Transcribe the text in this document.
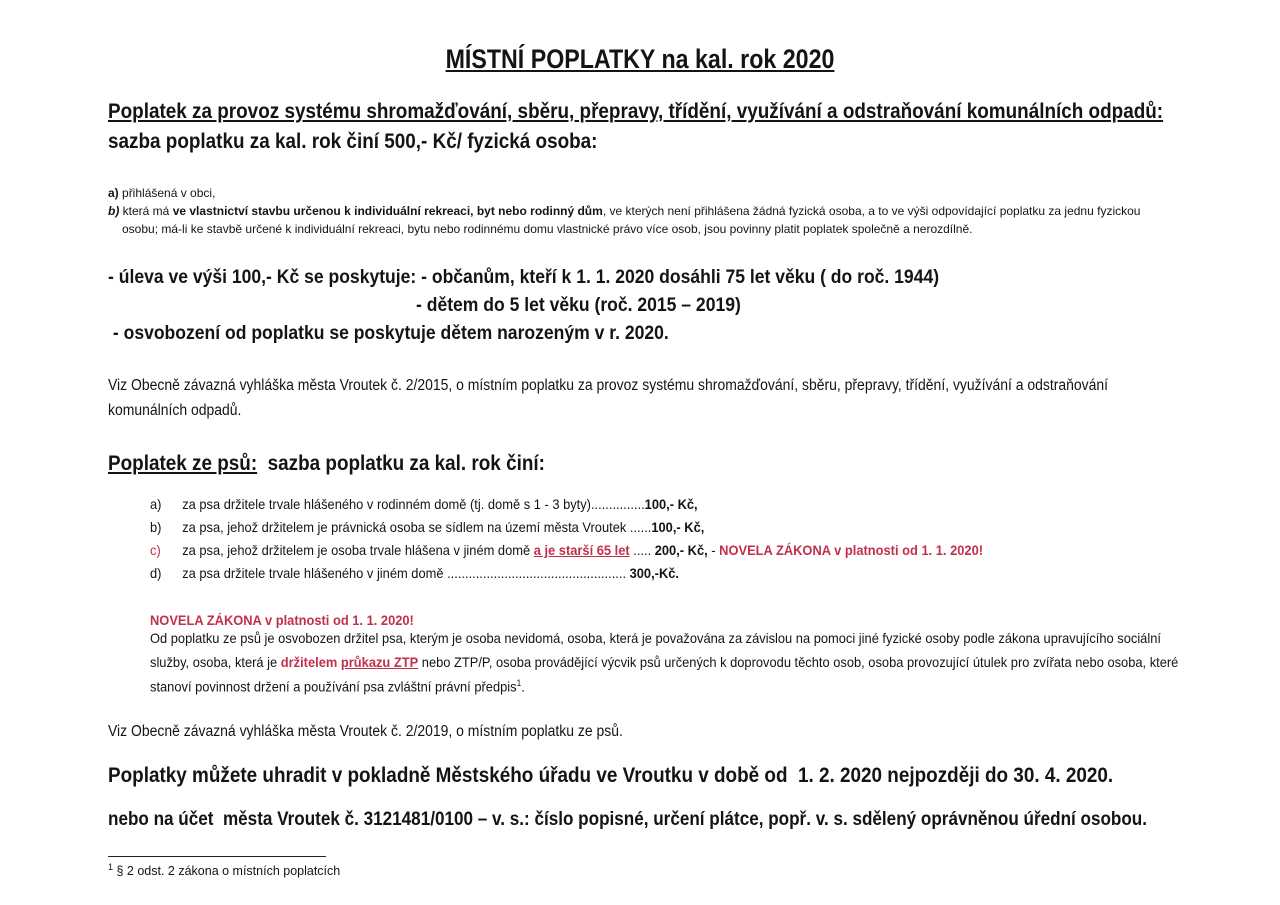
MÍSTNÍ POPLATKY na kal. rok 2020
Poplatek za provoz systému shromažďování, sběru, přepravy, třídění, využívání a odstraňování komunálních odpadů:
sazba poplatku za kal. rok činí 500,- Kč/ fyzická osoba:
a) přihlášená v obci,
b) která má ve vlastnictví stavbu určenou k individuální rekreaci, byt nebo rodinný dům, ve kterých není přihlášena žádná fyzická osoba, a to ve výši odpovídající poplatku za jednu fyzickou
osobu; má-li ke stavbě určené k individuální rekreaci, bytu nebo rodinnému domu vlastnické právo více osob, jsou povinny platit poplatek společně a nerozdílně.
- úleva ve výši 100,- Kč se poskytuje: - občanům, kteří k 1. 1. 2020 dosáhli 75 let věku ( do roč. 1944)
- dětem do 5 let věku (roč. 2015 – 2019)
- osvobození od poplatku se poskytuje dětem narozeným v r. 2020.
Viz Obecně závazná vyhláška města Vroutek č. 2/2015, o místním poplatku za provoz systému shromažďování, sběru, přepravy, třídění, využívání a odstraňování
komunálních odpadů.
Poplatek ze psů: sazba poplatku za kal. rok činí:
a) za psa držitele trvale hlášeného v rodinném domě (tj. domě s 1 - 3 byty)...............100,- Kč,
b) za psa, jehož držitelem je právnická osoba se sídlem na území města Vroutek ......100,- Kč,
c) za psa, jehož držitelem je osoba trvale hlášena v jiném domě a je starší 65 let ..... 200,- Kč, - NOVELA ZÁKONA v platnosti od 1. 1. 2020!
d) za psa držitele trvale hlášeného v jiném domě .................................................. 300,-Kč.
NOVELA ZÁKONA v platnosti od 1. 1. 2020!
Od poplatku ze psů je osvobozen držitel psa, kterým je osoba nevidomá, osoba, která je považována za závislou na pomoci jiné fyzické osoby podle zákona upravujícího sociální
služby, osoba, která je držitelem průkazu ZTP nebo ZTP/P, osoba provádějící výcvik psů určených k doprovodu těchto osob, osoba provozující útulek pro zvířata nebo osoba, které
stanoví povinnost držení a používání psa zvláštní právní předpis$^1$.
Viz Obecně závazná vyhláška města Vroutek č. 2/2019, o místním poplatku ze psů.
Poplatky můžete uhradit v pokladně Městského úřadu ve Vroutku v době od  1. 2. 2020 nejpozději do 30. 4. 2020.
nebo na účet  města Vroutek č. 3121481/0100 – v. s.: číslo popisné, určení plátce, popř. v. s. sdělený oprávněnou úřední osobou.
$^1$ § 2 odst. 2 zákona o místních poplatcích
